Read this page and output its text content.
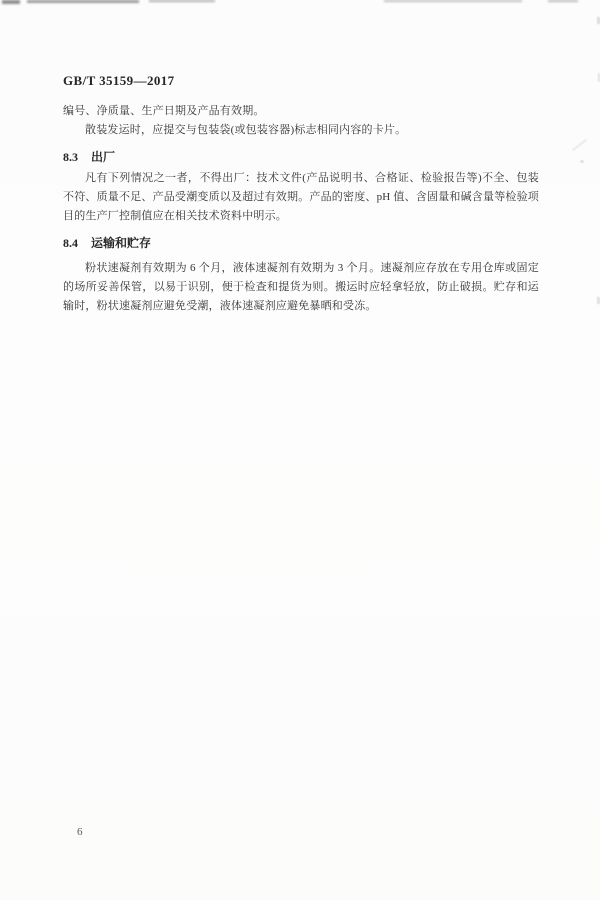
GB/T 35159—2017

编号、净质量、生产日期及产品有效期。

散装发运时，应提交与包装袋(或包装容器)标志相同内容的卡片。

8.3 出厂

凡有下列情况之一者，不得出厂：技术文件(产品说明书、合格证、检验报告等)不全、包装不符、质量不足、产品受潮变质以及超过有效期。产品的密度、pH 值、含固量和碱含量等检验项目的生产厂控制值应在相关技术资料中明示。

8.4 运输和贮存

粉状速凝剂有效期为 6 个月，液体速凝剂有效期为 3 个月。速凝剂应存放在专用仓库或固定的场所妥善保管，以易于识别，便于检查和提货为则。搬运时应轻拿轻放，防止破损。贮存和运输时，粉状速凝剂应避免受潮，液体速凝剂应避免暴晒和受冻。

6
